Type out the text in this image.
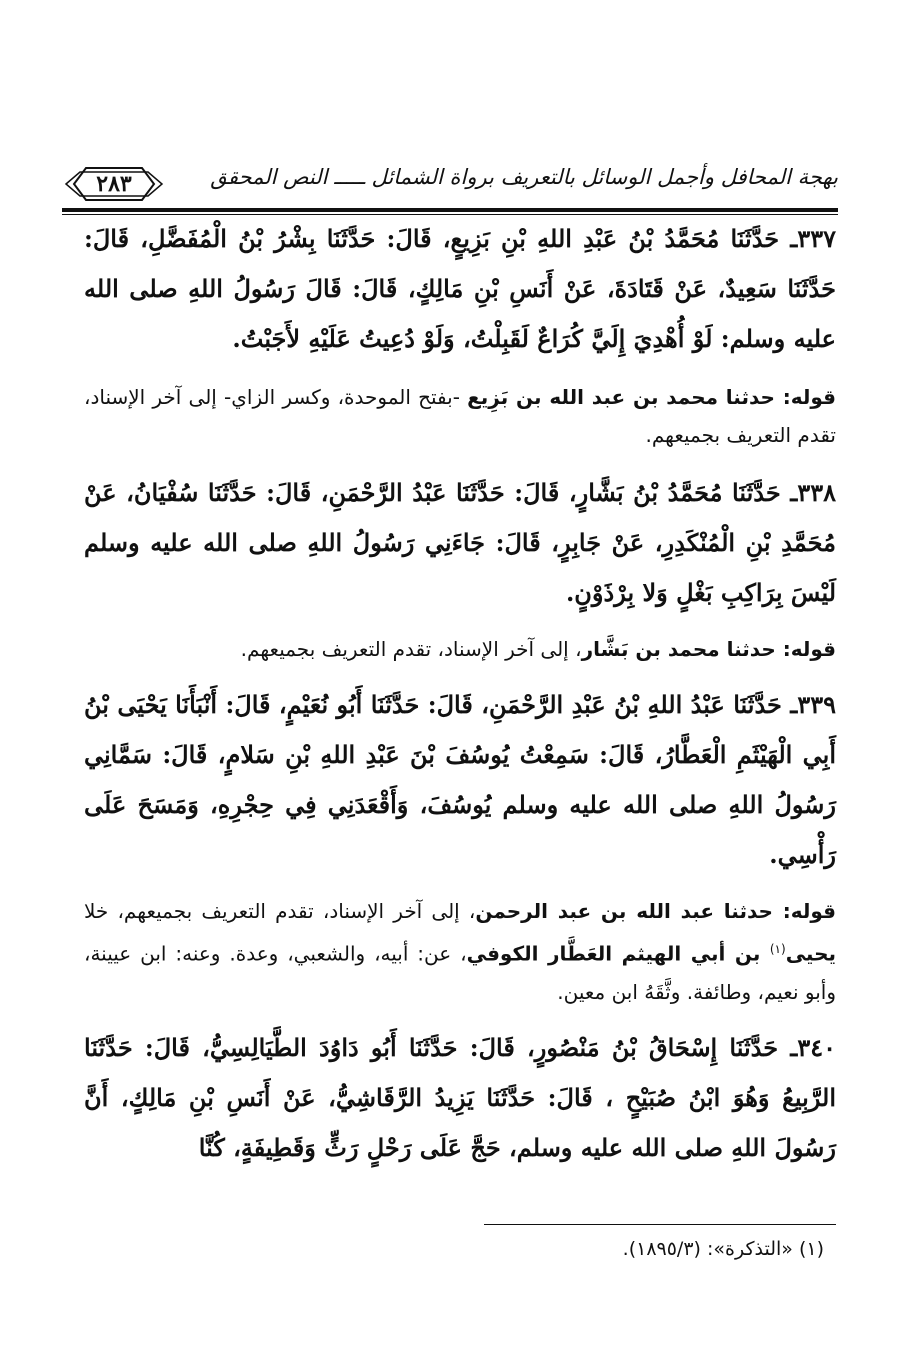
٢٨٣	بهجة المحافل وأجمل الوسائل بالتعريف برواة الشمائل ـــــ النص المحقق

٣٣٧ـ حَدَّثَنَا مُحَمَّدُ بْنُ عَبْدِ اللهِ بْنِ بَزِيعٍ، قَالَ: حَدَّثَنَا بِشْرُ بْنُ الْمُفَضَّلِ، قَالَ: حَدَّثَنَا سَعِيدٌ، عَنْ قَتَادَةَ، عَنْ أَنَسِ بْنِ مَالِكٍ، قَالَ: قَالَ رَسُولُ اللهِ صلى الله عليه وسلم: لَوْ أُهْدِيَ إِلَيَّ كُرَاعٌ لَقَبِلْتُ، وَلَوْ دُعِيتُ عَلَيْهِ لأَجَبْتُ.

قوله: حدثنا محمد بن عبد الله بن بَزِيع -بفتح الموحدة، وكسر الزاي- إلى آخر الإسناد، تقدم التعريف بجميعهم.

٣٣٨ـ حَدَّثَنَا مُحَمَّدُ بْنُ بَشَّارٍ، قَالَ: حَدَّثَنَا عَبْدُ الرَّحْمَنِ، قَالَ: حَدَّثَنَا سُفْيَانُ، عَنْ مُحَمَّدِ بْنِ الْمُنْكَدِرِ، عَنْ جَابِرٍ، قَالَ: جَاءَنِي رَسُولُ اللهِ صلى الله عليه وسلم لَيْسَ بِرَاكِبِ بَغْلٍ وَلا بِرْذَوْنٍ.

قوله: حدثنا محمد بن بَشَّار، إلى آخر الإسناد، تقدم التعريف بجميعهم.

٣٣٩ـ حَدَّثَنَا عَبْدُ اللهِ بْنُ عَبْدِ الرَّحْمَنِ، قَالَ: حَدَّثَنَا أَبُو نُعَيْمٍ، قَالَ: أَنْبَأَنَا يَحْيَى بْنُ أَبِي الْهَيْثَمِ الْعَطَّارُ، قَالَ: سَمِعْتُ يُوسُفَ بْنَ عَبْدِ اللهِ بْنِ سَلامٍ، قَالَ: سَمَّانِي رَسُولُ اللهِ صلى الله عليه وسلم يُوسُفَ، وَأَقْعَدَنِي فِي حِجْرِهِ، وَمَسَحَ عَلَى رَأْسِي.

قوله: حدثنا عبد الله بن عبد الرحمن، إلى آخر الإسناد، تقدم التعريف بجميعهم، خلا يحيى$^{(١)}$ بن أبي الهيثم العَطَّار الكوفي، عن: أبيه، والشعبي، وعدة. وعنه: ابن عيينة، وأبو نعيم، وطائفة. وثَّقَهُ ابن معين.

٣٤٠ـ حَدَّثَنَا إِسْحَاقُ بْنُ مَنْصُورٍ، قَالَ: حَدَّثَنَا أَبُو دَاوُدَ الطَّيَالِسِيُّ، قَالَ: حَدَّثَنَا الرَّبِيعُ وَهُوَ ابْنُ صُبَيْحٍ ، قَالَ: حَدَّثَنَا يَزِيدُ الرَّقَاشِيُّ، عَنْ أَنَسِ بْنِ مَالِكٍ، أَنَّ رَسُولَ اللهِ صلى الله عليه وسلم، حَجَّ عَلَى رَحْلٍ رَثٍّ وَقَطِيفَةٍ، كُنَّا

(١) «التذكرة»: (١٨٩٥/٣).
